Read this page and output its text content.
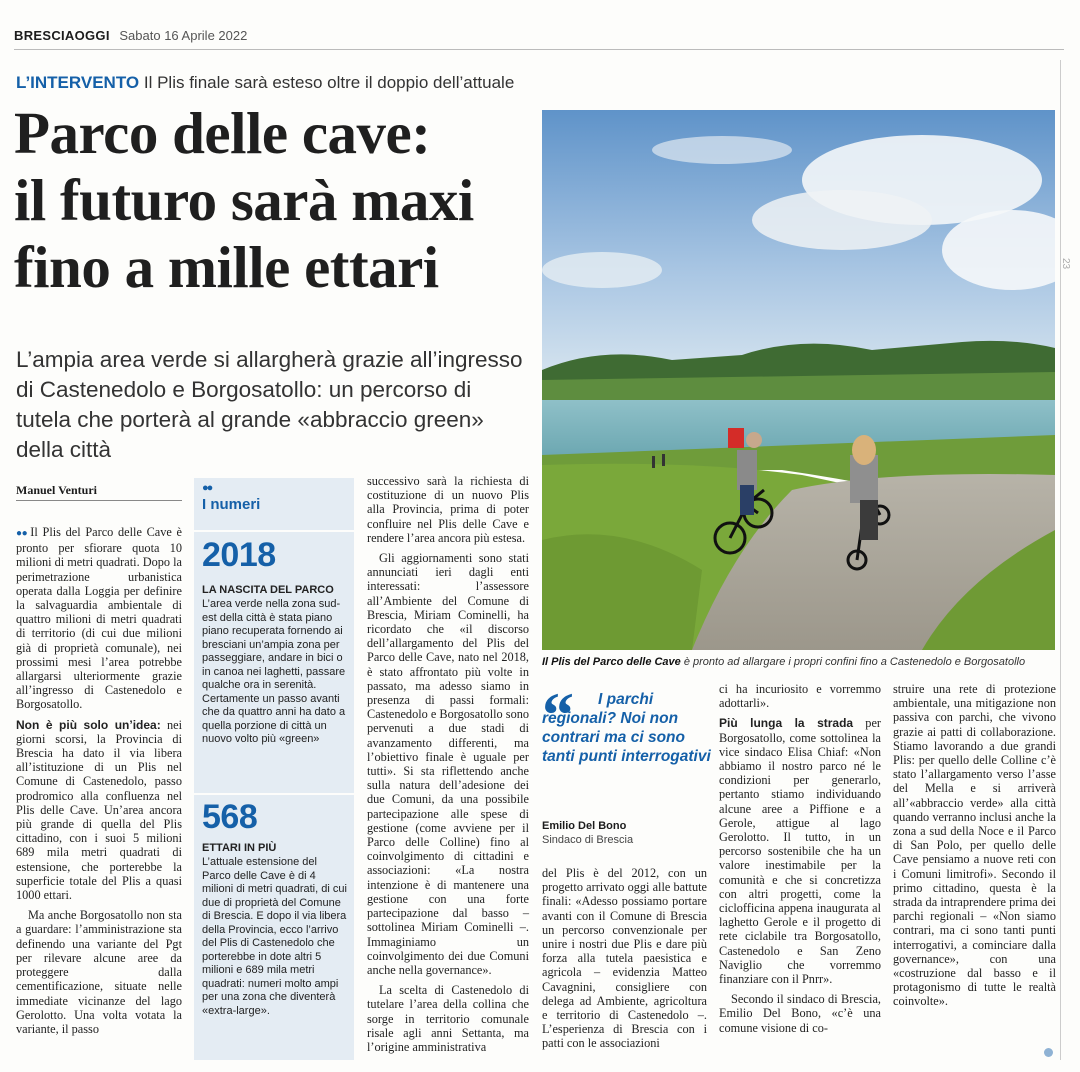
BRESCIAOGGI Sabato 16 Aprile 2022
L’INTERVENTO Il Plis finale sarà esteso oltre il doppio dell’attuale
Parco delle cave:
il futuro sarà maxi
fino a mille ettari
L’ampia area verde si allargherà grazie all’ingresso di Castenedolo e Borgosatollo: un percorso di tutela che porterà al grande «abbraccio green» della città
Il Plis del Parco delle Cave è pronto ad allargare i propri confini fino a Castenedolo e Borgosatollo
Manuel Venturi

●● Il Plis del Parco delle Cave è pronto per sfiorare quota 10 milioni di metri quadrati. Dopo la perimetrazione urbanistica operata dalla Loggia per definire la salvaguardia ambientale di quattro milioni di metri quadrati di territorio (di cui due milioni già di proprietà comunale), nei prossimi mesi l’area potrebbe allargarsi ulteriormente grazie all’ingresso di Castenedolo e Borgosatollo.

Non è più solo un’idea: nei giorni scorsi, la Provincia di Brescia ha dato il via libera all’istituzione di un Plis nel Comune di Castenedolo, passo prodromico alla confluenza nel Plis delle Cave. Un’area ancora più grande di quella del Plis cittadino, con i suoi 5 milioni 689 mila metri quadrati di estensione, che porterebbe la superficie totale del Plis a quasi 1000 ettari.

Ma anche Borgosatollo non sta a guardare: l’amministrazione sta definendo una variante del Pgt per rilevare alcune aree da proteggere dalla cementificazione, situate nelle immediate vicinanze del lago Gerolotto. Una volta votata la variante, il passo

●●
I numeri
2018
LA NASCITA DEL PARCO
L’area verde nella zona sud-est della città è stata piano piano recuperata fornendo ai bresciani un’ampia zona per passeggiare, andare in bici o in canoa nei laghetti, passare qualche ora in serenità. Certamente un passo avanti che da quattro anni ha dato a quella porzione di città un nuovo volto più «green»
568
ETTARI IN PIÙ
L’attuale estensione del Parco delle Cave è di 4 milioni di metri quadrati, di cui due di proprietà del Comune di Brescia. E dopo il via libera della Provincia, ecco l’arrivo del Plis di Castenedolo che porterebbe in dote altri 5 milioni e 689 mila metri quadrati: numeri molto ampi per una zona che diventerà «extra-large».

successivo sarà la richiesta di costituzione di un nuovo Plis alla Provincia, prima di poter confluire nel Plis delle Cave e rendere l’area ancora più estesa.

Gli aggiornamenti sono stati annunciati ieri dagli enti interessati: l’assessore all’Ambiente del Comune di Brescia, Miriam Cominelli, ha ricordato che «il discorso dell’allargamento del Plis del Parco delle Cave, nato nel 2018, è stato affrontato più volte in passato, ma adesso siamo in presenza di passi formali: Castenedolo e Borgosatollo sono pervenuti a due stadi di avanzamento differenti, ma l’obiettivo finale è uguale per tutti». Si sta riflettendo anche sulla natura dell’adesione dei due Comuni, da una possibile partecipazione alle spese di gestione (come avviene per il Parco delle Colline) fino al coinvolgimento di cittadini e associazioni: «La nostra intenzione è di mantenere una gestione con una forte partecipazione dal basso – sottolinea Miriam Cominelli –. Immaginiamo un coinvolgimento dei due Comuni anche nella governance».

La scelta di Castenedolo di tutelare l’area della collina che sorge in territorio comunale risale agli anni Settanta, ma l’origine amministrativa

“	I parchi regionali? Noi non contrari ma ci sono tanti punti interrogativi
Emilio Del Bono
Sindaco di Brescia

del Plis è del 2012, con un progetto arrivato oggi alle battute finali: «Adesso possiamo portare avanti con il Comune di Brescia un percorso convenzionale per unire i nostri due Plis e dare più forza alla tutela paesistica e agricola – evidenzia Matteo Cavagnini, consigliere con delega ad Ambiente, agricoltura e territorio di Castenedolo –. L’esperienza di Brescia con i patti con le associazioni

ci ha incuriosito e vorremmo adottarli».

Più lunga la strada per Borgosatollo, come sottolinea la vice sindaco Elisa Chiaf: «Non abbiamo il nostro parco né le condizioni per generarlo, pertanto stiamo individuando alcune aree a Piffione e a Gerole, attigue al lago Gerolotto. Il tutto, in un percorso sostenibile che ha un valore inestimabile per la comunità e che si concretizza con altri progetti, come la ciclofficina appena inaugurata al laghetto Gerole e il progetto di rete ciclabile tra Borgosatollo, Castenedolo e San Zeno Naviglio che vorremmo finanziare con il Pnrr».

Secondo il sindaco di Brescia, Emilio Del Bono, «c’è una comune visione di co-

struire una rete di protezione ambientale, una mitigazione non passiva con parchi, che vivono grazie ai patti di collaborazione. Stiamo lavorando a due grandi Plis: per quello delle Colline c’è stato l’allargamento verso l’asse del Mella e si arriverà all’«abbraccio verde» alla città quando verranno inclusi anche la zona a sud della Noce e il Parco di San Polo, per quello delle Cave pensiamo a nuove reti con i Comuni limitrofi». Secondo il primo cittadino, questa è la strada da intraprendere prima dei parchi regionali – «Non siamo contrari, ma ci sono tanti punti interrogativi, a cominciare dalla governance», con una «costruzione dal basso e il protagonismo di tutte le realtà coinvolte».

23
